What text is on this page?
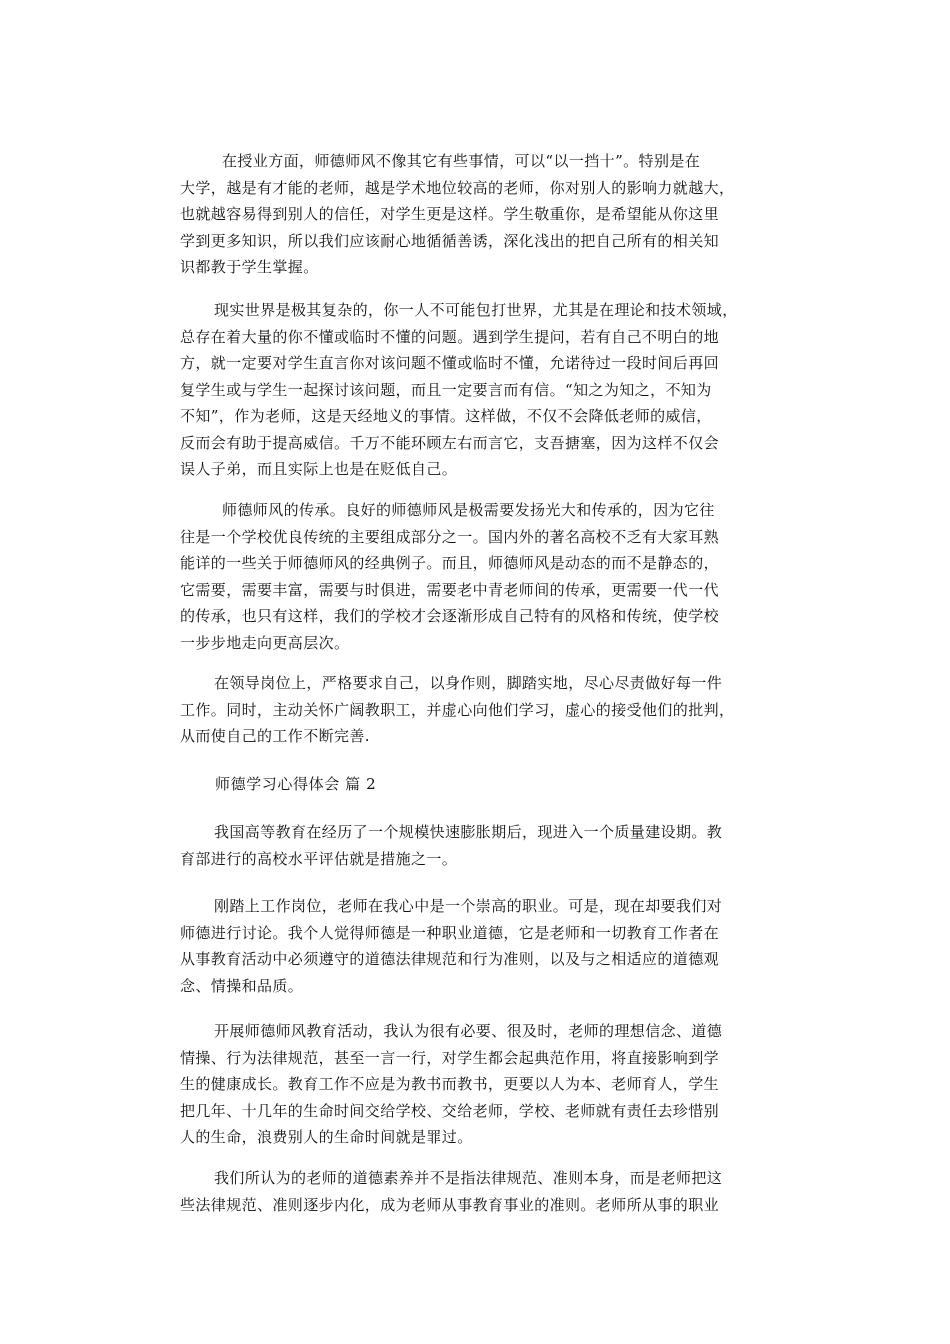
在授业方面，师德师风不像其它有些事情，可以“以一挡十”。特别是在
大学，越是有才能的老师，越是学术地位较高的老师，你对别人的影响力就越大，
也就越容易得到别人的信任，对学生更是这样。学生敬重你，是希望能从你这里
学到更多知识，所以我们应该耐心地循循善诱，深化浅出的把自己所有的相关知
识都教于学生掌握。
现实世界是极其复杂的，你一人不可能包打世界，尤其是在理论和技术领域，
总存在着大量的你不懂或临时不懂的问题。遇到学生提问，若有自己不明白的地
方，就一定要对学生直言你对该问题不懂或临时不懂，允诺待过一段时间后再回
复学生或与学生一起探讨该问题，而且一定要言而有信。“知之为知之，不知为
不知”，作为老师，这是天经地义的事情。这样做，不仅不会降低老师的威信，
反而会有助于提高威信。千万不能环顾左右而言它，支吾搪塞，因为这样不仅会
误人子弟，而且实际上也是在贬低自己。
师德师风的传承。良好的师德师风是极需要发扬光大和传承的，因为它往
往是一个学校优良传统的主要组成部分之一。国内外的著名高校不乏有大家耳熟
能详的一些关于师德师风的经典例子。而且，师德师风是动态的而不是静态的，
它需要，需要丰富，需要与时俱进，需要老中青老师间的传承，更需要一代一代
的传承，也只有这样，我们的学校才会逐渐形成自己特有的风格和传统，使学校
一步步地走向更高层次。
在领导岗位上，严格要求自己，以身作则，脚踏实地，尽心尽责做好每一件
工作。同时，主动关怀广阔教职工，并虚心向他们学习，虚心的接受他们的批判，
从而使自己的工作不断完善.
师德学习心得体会 篇 2
我国高等教育在经历了一个规模快速膨胀期后，现进入一个质量建设期。教
育部进行的高校水平评估就是措施之一。
刚踏上工作岗位，老师在我心中是一个崇高的职业。可是，现在却要我们对
师德进行讨论。我个人觉得师德是一种职业道德，它是老师和一切教育工作者在
从事教育活动中必须遵守的道德法律规范和行为准则，以及与之相适应的道德观
念、情操和品质。
开展师德师风教育活动，我认为很有必要、很及时，老师的理想信念、道德
情操、行为法律规范，甚至一言一行，对学生都会起典范作用，将直接影响到学
生的健康成长。教育工作不应是为教书而教书，更要以人为本、老师育人，学生
把几年、十几年的生命时间交给学校、交给老师，学校、老师就有责任去珍惜别
人的生命，浪费别人的生命时间就是罪过。
我们所认为的老师的道德素养并不是指法律规范、准则本身，而是老师把这
些法律规范、准则逐步内化，成为老师从事教育事业的准则。老师所从事的职业
